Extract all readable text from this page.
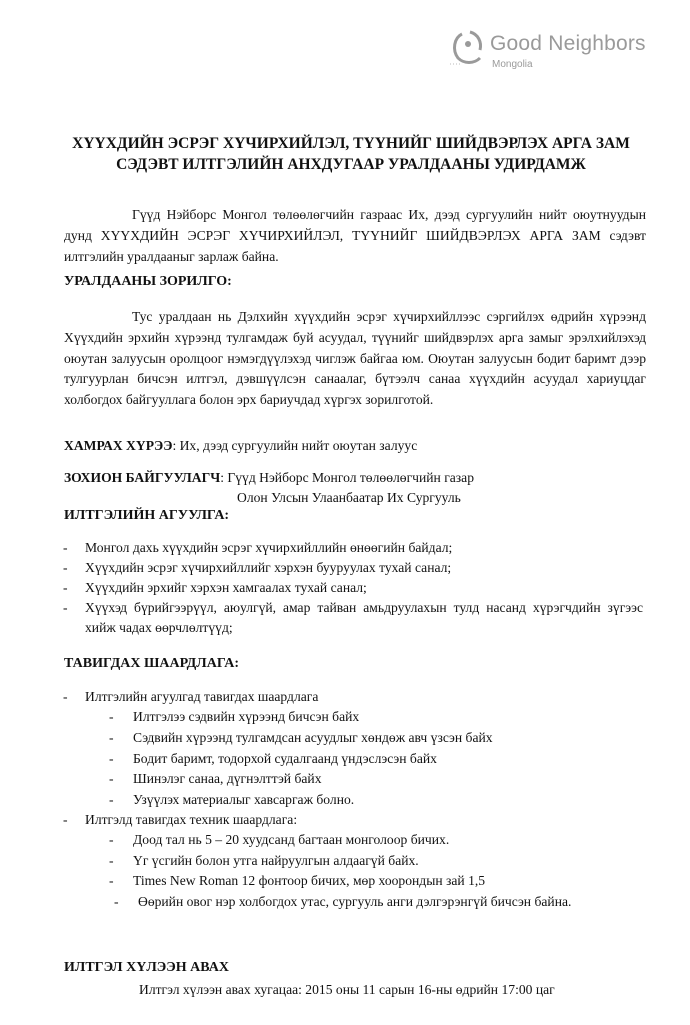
Good Neighbors
Mongolia
ХҮҮХДИЙН ЭСРЭГ ХҮЧИРХИЙЛЭЛ, ТҮҮНИЙГ ШИЙДВЭРЛЭХ АРГА ЗАМ
СЭДЭВТ ИЛТГЭЛИЙН АНХДУГААР УРАЛДААНЫ УДИРДАМЖ
Гүүд Нэйборс Монгол төлөөлөгчийн газраас Их, дээд сургуулийн нийт оюутнуудын дунд ХҮҮХДИЙН ЭСРЭГ ХҮЧИРХИЙЛЭЛ, ТҮҮНИЙГ ШИЙДВЭРЛЭХ АРГА ЗАМ сэдэвт илтгэлийн уралдааныг зарлаж байна.
УРАЛДААНЫ ЗОРИЛГО:
Тус уралдаан нь Дэлхийн хүүхдийн эсрэг хүчирхийллээс сэргийлэх өдрийн хүрээнд Хүүхдийн эрхийн хүрээнд тулгамдаж буй асуудал, түүнийг шийдвэрлэх арга замыг эрэлхийлэхэд оюутан залуусын оролцоог нэмэгдүүлэхэд чиглэж байгаа юм. Оюутан залуусын бодит баримт дээр тулгуурлан бичсэн илтгэл, дэвшүүлсэн санаалаг, бүтээлч санаа хүүхдийн асуудал хариуцдаг холбогдох байгууллага болон эрх бариучдад хүргэх зорилготой.
ХАМРАХ ХҮРЭЭ: Их, дээд сургуулийн нийт оюутан залуус
ЗОХИОН БАЙГУУЛАГЧ: Гүүд Нэйборс Монгол төлөөлөгчийн газар
Олон Улсын Улаанбаатар Их Сургууль
ИЛТГЭЛИЙН АГУУЛГА:
- Монгол дахь хүүхдийн эсрэг хүчирхийллийн өнөөгийн байдал;
- Хүүхдийн эсрэг хүчирхийллийг хэрхэн бууруулах тухай санал;
- Хүүхдийн эрхийг хэрхэн хамгаалах тухай санал;
- Хүүхэд бүрийгээрүүл, аюулгүй, амар тайван амьдруулахын тулд насанд хүрэгчдийн зүгээс хийж чадах өөрчлөлтүүд;
ТАВИГДАХ ШААРДЛАГА:
- Илтгэлийн агуулгад тавигдах шаардлага
- Илтгэлээ сэдвийн хүрээнд бичсэн байх
- Сэдвийн хүрээнд тулгамдсан асуудлыг хөндөж авч үзсэн байх
- Бодит баримт, тодорхой судалгаанд үндэслэсэн байх
- Шинэлэг санаа, дүгнэлттэй байх
- Узүүлэх материалыг хавсаргаж болно.
- Илтгэлд тавигдах техник шаардлага:
- Доод тал нь 5 – 20 хуудсанд багтаан монголоор бичих.
- Үг үсгийн болон утга найруулгын алдаагүй байх.
- Times New Roman 12 фонтоор бичих, мөр хоорондын зай 1,5
- Өөрийн овог нэр холбогдох утас, сургууль анги дэлгэрэнгүй бичсэн байна.
ИЛТГЭЛ ХҮЛЭЭН АВАХ
Илтгэл хүлээн авах хугацаа: 2015 оны 11 сарын 16-ны өдрийн 17:00 цаг
